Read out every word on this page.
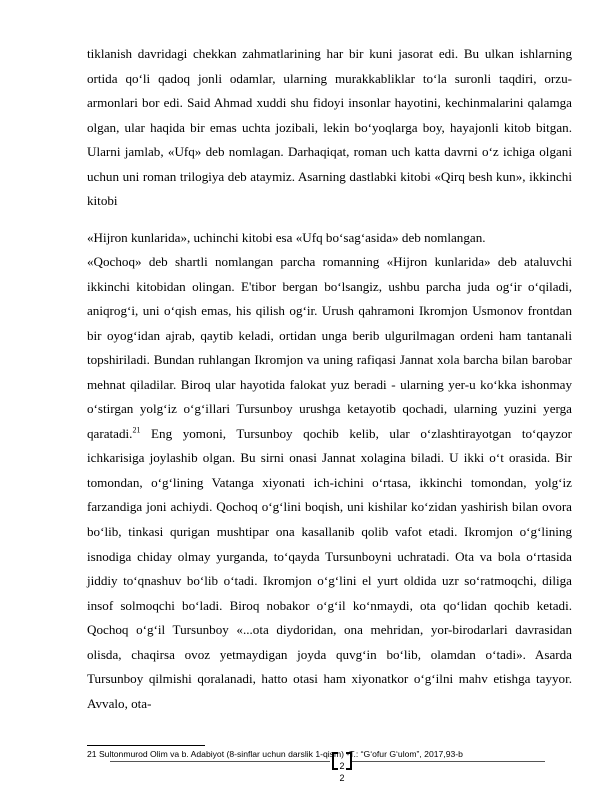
tiklanish davridagi chekkan zahmatlarining har bir kuni jasorat edi. Bu ulkan ishlarning ortida qo‘li qadoq jonli odamlar, ularning murakkabliklar to‘la suronli taqdiri, orzu-armonlari bor edi. Said Ahmad xuddi shu fidoyi insonlar hayotini, kechinmalarini qalamga olgan, ular haqida bir emas uchta jozibali, lekin bo‘yoqlarga boy, hayajonli kitob bitgan. Ularni jamlab, «Ufq» deb nomlagan. Darhaqiqat, roman uch katta davrni o‘z ichiga olgani uchun uni roman trilogiya deb ataymiz. Asarning dastlabki kitobi «Qirq besh kun», ikkinchi kitobi

«Hijron kunlarida», uchinchi kitobi esa «Ufq bo‘sag‘asida» deb nomlangan.

«Qochoq» deb shartli nomlangan parcha romanning «Hijron kunlarida» deb ataluvchi ikkinchi kitobidan olingan. E'tibor bergan bo‘lsangiz, ushbu parcha juda og‘ir o‘qiladi, aniqrog‘i, uni o‘qish emas, his qilish og‘ir. Urush qahramoni Ikromjon Usmonov frontdan bir oyog‘idan ajrab, qaytib keladi, ortidan unga berib ulgurilmagan ordeni ham tantanali topshiriladi. Bundan ruhlangan Ikromjon va uning rafiqasi Jannat xola barcha bilan barobar mehnat qiladilar. Biroq ular hayotida falokat yuz beradi - ularning yer-u ko‘kka ishonmay o‘stirgan yolg‘iz o‘g‘illari Tursunboy urushga ketayotib qochadi, ularning yuzini yerga qaratadi.$^{21}$ Eng yomoni, Tursunboy qochib kelib, ular o‘zlashtirayotgan to‘qayzor ichkarisiga joylashib olgan. Bu sirni onasi Jannat xolagina biladi. U ikki o‘t orasida. Bir tomondan, o‘g‘lining Vatanga xiyonati ich-ichini o‘rtasa, ikkinchi tomondan, yolg‘iz farzandiga joni achiydi. Qochoq o‘g‘lini boqish, uni kishilar ko‘zidan yashirish bilan ovora bo‘lib, tinkasi qurigan mushtipar ona kasallanib qolib vafot etadi. Ikromjon o‘g‘lining isnodiga chiday olmay yurganda, to‘qayda Tursunboyni uchratadi. Ota va bola o‘rtasida jiddiy to‘qnashuv bo‘lib o‘tadi. Ikromjon o‘g‘lini el yurt oldida uzr so‘ratmoqchi, diliga insof solmoqchi bo‘ladi. Biroq nobakor o‘g‘il ko‘nmaydi, ota qo‘lidan qochib ketadi. Qochoq o‘g‘il Tursunboy «...ota diydoridan, ona mehridan, yor-birodarlari davrasidan olisda, chaqirsa ovoz yetmaydigan joyda quvg‘in bo‘lib, olamdan o‘tadi». Asarda Tursunboy qilmishi qoralanadi, hatto otasi ham xiyonatkor o‘g‘ilni mahv etishga tayyor. Avvalo, ota-

21 Sultonmurod Olim va b. Adabiyot (8-sinflar uchun darslik 1-qism) -T.: “G‘ofur G‘ulom”, 2017,93-b
2
2
